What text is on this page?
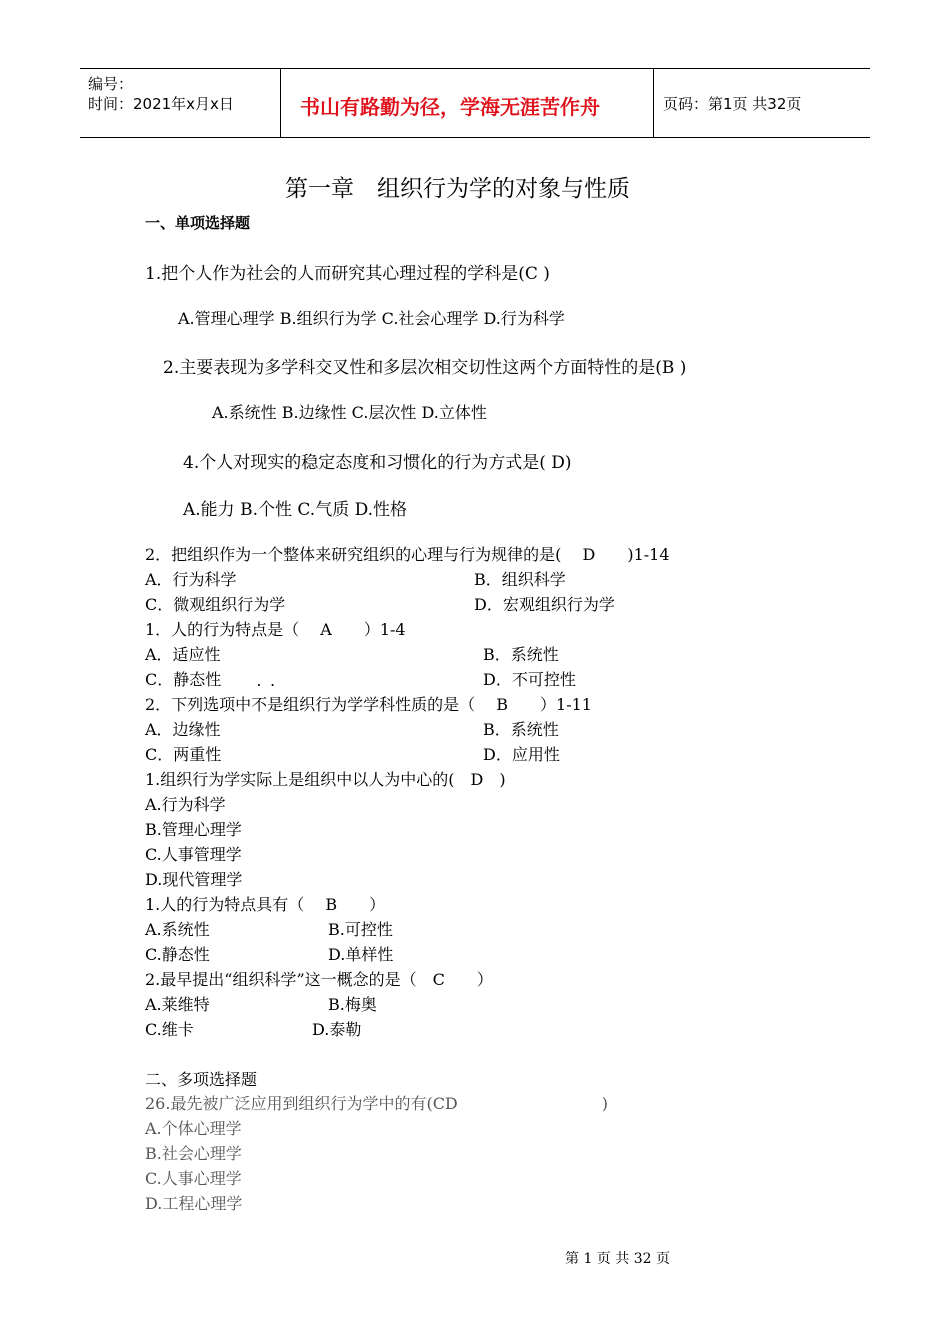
编号：
时间：2021年x月x日	书山有路勤为径，学海无涯苦作舟	页码：第1页 共32页
第一章　组织行为学的对象与性质
一、单项选择题
1.把个人作为社会的人而研究其心理过程的学科是(C )
A.管理心理学 B.组织行为学 C.社会心理学 D.行为科学
2.主要表现为多学科交叉性和多层次相交切性这两个方面特性的是(B )
A.系统性 B.边缘性 C.层次性 D.立体性
4.个人对现实的稳定态度和习惯化的行为方式是( D)
A.能力 B.个性 C.气质 D.性格
2．把组织作为一个整体来研究组织的心理与行为规律的是(　 D　　)1-14
A．行为科学	B．组织科学
C．微观组织行为学	D．宏观组织行为学
1．人的行为特点是（　 A　　）1-4
A．适应性	B．系统性
C．静态性	D．不可控性
· ·
2．下列选项中不是组织行为学学科性质的是（　 B　　）1-11
A．边缘性	B．系统性
C．两重性	D．应用性
1.组织行为学实际上是组织中以人为中心的(　D　)
A.行为科学
B.管理心理学
C.人事管理学
D.现代管理学
1.人的行为特点具有（　 B　　）
A.系统性	B.可控性
C.静态性	D.单样性
2.最早提出“组织科学”这一概念的是（　C　　）
A.莱维特	B.梅奥
C.维卡	D.泰勒
二、多项选择题
26.最先被广泛应用到组织行为学中的有(CD　　　　　　　　　)
A.个体心理学
B.社会心理学
C.人事心理学
D.工程心理学
第 1 页 共 32 页
